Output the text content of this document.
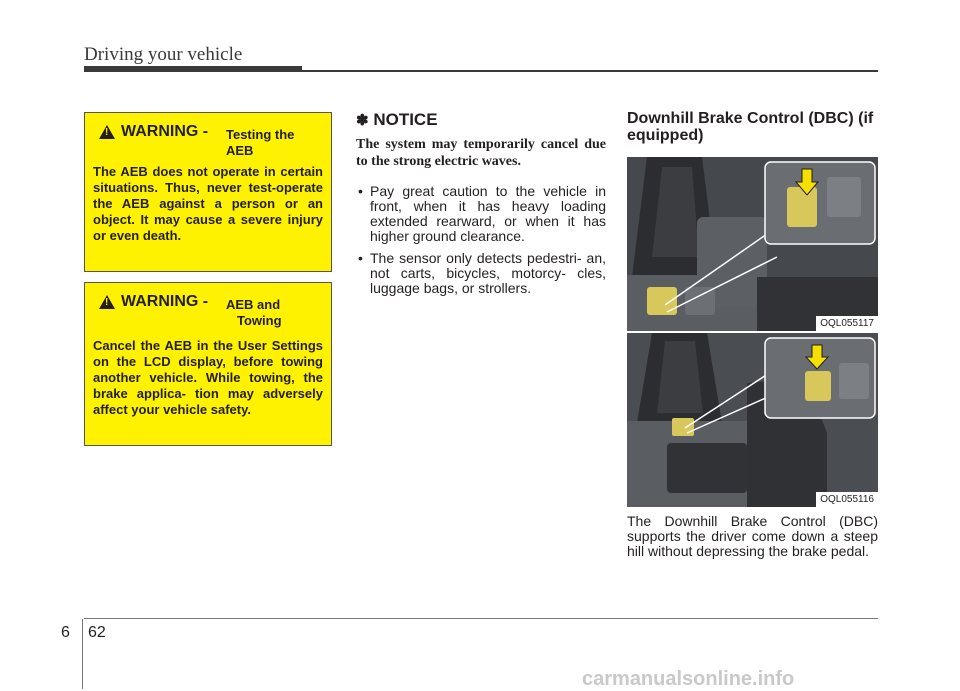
Driving your vehicle
!
WARNING - Testing the
AEB
The AEB does not operate in certain situations. Thus, never test-operate the AEB against a person or an object. It may cause a severe injury or even death.
!
WARNING - AEB and
Towing
Cancel the AEB in the User Settings on the LCD display, before towing another vehicle. While towing, the brake applica- tion may adversely affect your vehicle safety.
✽ NOTICE
The system may temporarily cancel due to the strong electric waves.
• Pay great caution to the vehicle in front, when it has heavy loading extended rearward, or when it has higher ground clearance.
• The sensor only detects pedestri- an, not carts, bicycles, motorcy- cles, luggage bags, or strollers.
Downhill Brake Control (DBC) (if equipped)
OQL055117
OQL055116
The Downhill Brake Control (DBC) supports the driver come down a steep hill without depressing the brake pedal.
6 62
carmanualsonline.info
